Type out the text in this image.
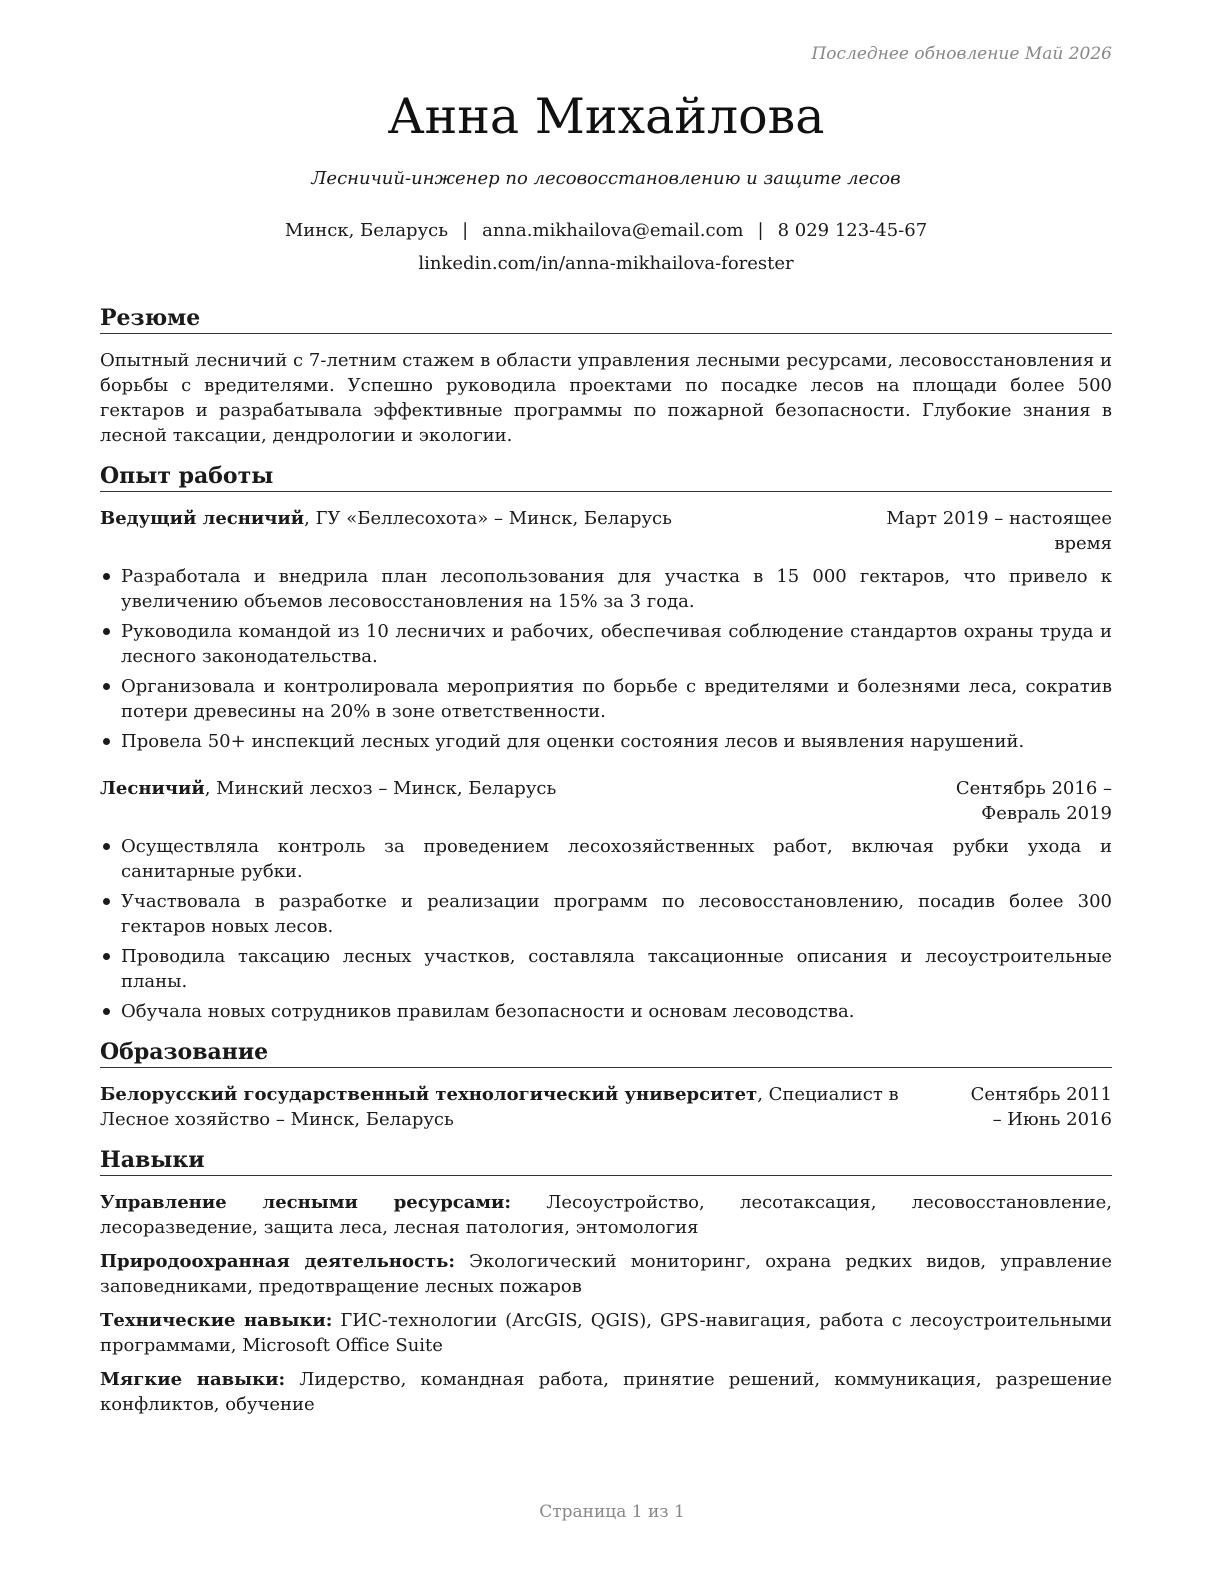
Последнее обновление Май 2026
Анна Михайлова
Лесничий-инженер по лесовосстановлению и защите лесов
Минск, Беларусь | anna.mikhailova@email.com | 8 029 123-45-67
linkedin.com/in/anna-mikhailova-forester
Резюме

Опытный лесничий с 7-летним стажем в области управления лесными ресурсами, лесовосстановления и борьбы с вредителями. Успешно руководила проектами по посадке лесов на площади более 500 гектаров и разрабатывала эффективные программы по пожарной безопасности. Глубокие знания в лесной таксации, дендрологии и экологии.

Опыт работы
Ведущий лесничий, ГУ «Беллесохота» – Минск, Беларусь	Март 2019 – настоящее время
Разработала и внедрила план лесопользования для участка в 15 000 гектаров, что привело к увеличению объемов лесовосстановления на 15% за 3 года.
Руководила командой из 10 лесничих и рабочих, обеспечивая соблюдение стандартов охраны труда и лесного законодательства.
Организовала и контролировала мероприятия по борьбе с вредителями и болезнями леса, сократив потери древесины на 20% в зоне ответственности.
Провела 50+ инспекций лесных угодий для оценки состояния лесов и выявления нарушений.
Лесничий, Минский лесхоз – Минск, Беларусь	Сентябрь 2016 – Февраль 2019
Осуществляла контроль за проведением лесохозяйственных работ, включая рубки ухода и санитарные рубки.
Участвовала в разработке и реализации программ по лесовосстановлению, посадив более 300 гектаров новых лесов.
Проводила таксацию лесных участков, составляла таксационные описания и лесоустроительные планы.
Обучала новых сотрудников правилам безопасности и основам лесоводства.
Образование
Белорусский государственный технологический университет, Специалист в Лесное хозяйство – Минск, Беларусь
Сентябрь 2011 – Июнь 2016
Навыки
Управление лесными ресурсами: Лесоустройство, лесотаксация, лесовосстановление, лесоразведение, защита леса, лесная патология, энтомология
Природоохранная деятельность: Экологический мониторинг, охрана редких видов, управление заповедниками, предотвращение лесных пожаров
Технические навыки: ГИС-технологии (ArcGIS, QGIS), GPS-навигация, работа с лесоустроительными программами, Microsoft Office Suite
Мягкие навыки: Лидерство, командная работа, принятие решений, коммуникация, разрешение конфликтов, обучение
Страница 1 из 1
